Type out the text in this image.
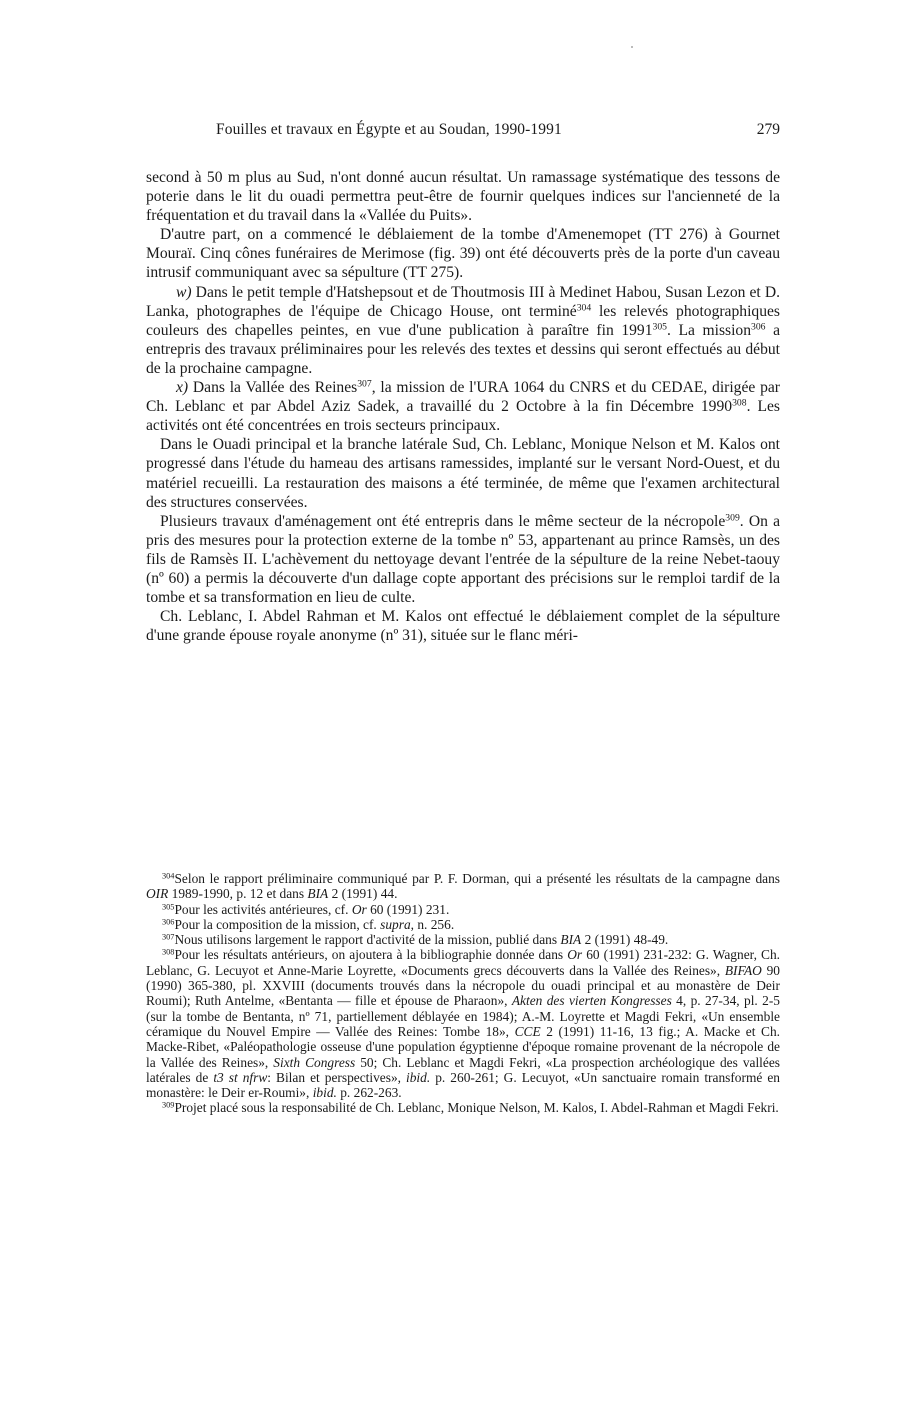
Fouilles et travaux en Égypte et au Soudan, 1990-1991	279

second à 50 m plus au Sud, n'ont donné aucun résultat. Un ramassage systématique des tessons de poterie dans le lit du ouadi permettra peut-être de fournir quelques indices sur l'ancienneté de la fréquentation et du travail dans la «Vallée du Puits».

D'autre part, on a commencé le déblaiement de la tombe d'Amenemopet (TT 276) à Gournet Mouraï. Cinq cônes funéraires de Merimose (fig. 39) ont été découverts près de la porte d'un caveau intrusif communiquant avec sa sépulture (TT 275).

w) Dans le petit temple d'Hatshepsout et de Thoutmosis III à Medinet Habou, Susan Lezon et D. Lanka, photographes de l'équipe de Chicago House, ont terminé$^{304}$ les relevés photographiques couleurs des chapelles peintes, en vue d'une publication à paraître fin 1991$^{305}$. La mission$^{306}$ a entrepris des travaux préliminaires pour les relevés des textes et dessins qui seront effectués au début de la prochaine campagne.

x) Dans la Vallée des Reines$^{307}$, la mission de l'URA 1064 du CNRS et du CEDAE, dirigée par Ch. Leblanc et par Abdel Aziz Sadek, a travaillé du 2 Octobre à la fin Décembre 1990$^{308}$. Les activités ont été concentrées en trois secteurs principaux.

Dans le Ouadi principal et la branche latérale Sud, Ch. Leblanc, Monique Nelson et M. Kalos ont progressé dans l'étude du hameau des artisans ramessides, implanté sur le versant Nord-Ouest, et du matériel recueilli. La restauration des maisons a été terminée, de même que l'examen architectural des structures conservées.

Plusieurs travaux d'aménagement ont été entrepris dans le même secteur de la nécropole$^{309}$. On a pris des mesures pour la protection externe de la tombe nº 53, appartenant au prince Ramsès, un des fils de Ramsès II. L'achèvement du nettoyage devant l'entrée de la sépulture de la reine Nebet-taouy (nº 60) a permis la découverte d'un dallage copte apportant des précisions sur le remploi tardif de la tombe et sa transformation en lieu de culte.

Ch. Leblanc, I. Abdel Rahman et M. Kalos ont effectué le déblaiement complet de la sépulture d'une grande épouse royale anonyme (nº 31), située sur le flanc méri-

$^{304}$Selon le rapport préliminaire communiqué par P. F. Dorman, qui a présenté les résultats de la campagne dans OIR 1989-1990, p. 12 et dans BIA 2 (1991) 44.

$^{305}$Pour les activités antérieures, cf. Or 60 (1991) 231.

$^{306}$Pour la composition de la mission, cf. supra, n. 256.

$^{307}$Nous utilisons largement le rapport d'activité de la mission, publié dans BIA 2 (1991) 48-49.

$^{308}$Pour les résultats antérieurs, on ajoutera à la bibliographie donnée dans Or 60 (1991) 231-232: G. Wagner, Ch. Leblanc, G. Lecuyot et Anne-Marie Loyrette, «Documents grecs découverts dans la Vallée des Reines», BIFAO 90 (1990) 365-380, pl. XXVIII (documents trouvés dans la nécropole du ouadi principal et au monastère de Deir Roumi); Ruth Antelme, «Bentanta — fille et épouse de Pharaon», Akten des vierten Kongresses 4, p. 27-34, pl. 2-5 (sur la tombe de Bentanta, nº 71, partiellement déblayée en 1984); A.-M. Loyrette et Magdi Fekri, «Un ensemble céramique du Nouvel Empire — Vallée des Reines: Tombe 18», CCE 2 (1991) 11-16, 13 fig.; A. Macke et Ch. Macke-Ribet, «Paléopathologie osseuse d'une population égyptienne d'époque romaine provenant de la nécropole de la Vallée des Reines», Sixth Congress 50; Ch. Leblanc et Magdi Fekri, «La prospection archéologique des vallées latérales de t3 st nfrw: Bilan et perspectives», ibid. p. 260-261; G. Lecuyot, «Un sanctuaire romain transformé en monastère: le Deir er-Roumi», ibid. p. 262-263.

$^{309}$Projet placé sous la responsabilité de Ch. Leblanc, Monique Nelson, M. Kalos, I. Abdel-Rahman et Magdi Fekri.
